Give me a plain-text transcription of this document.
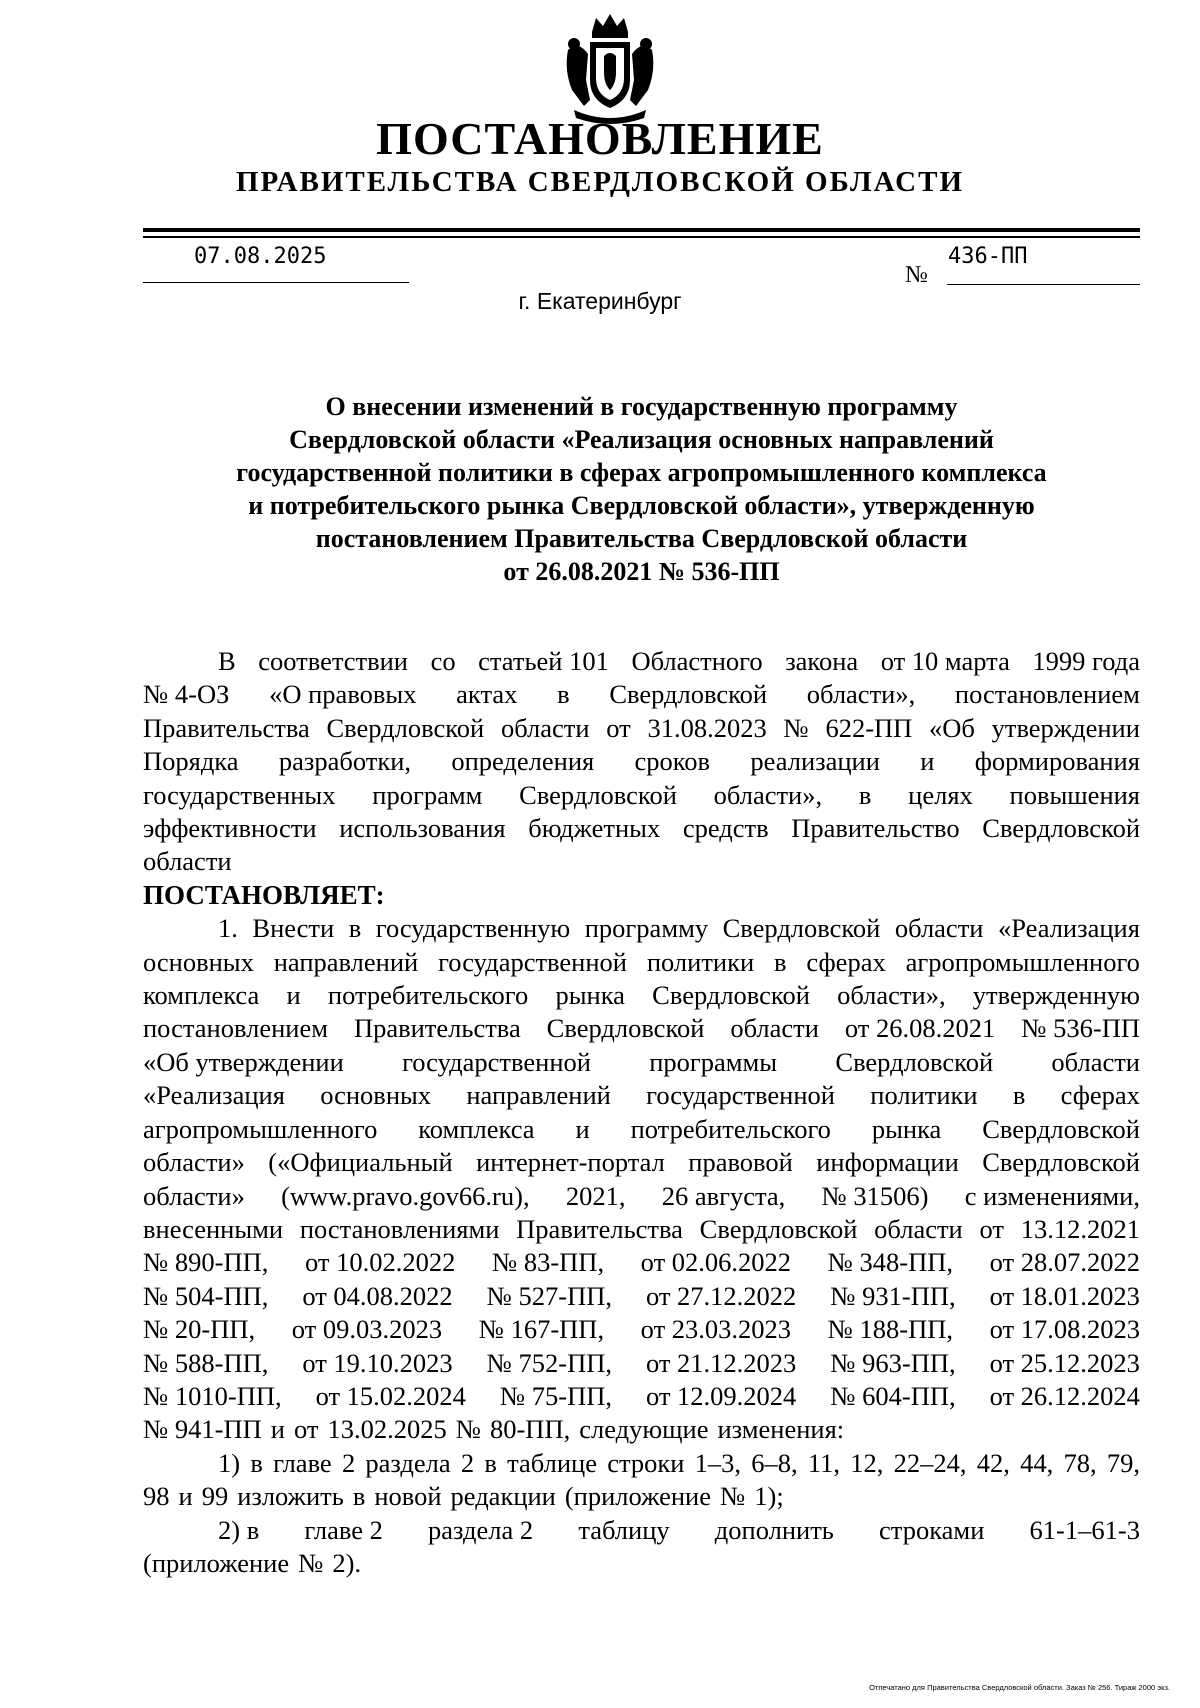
ПОСТАНОВЛЕНИЕ
ПРАВИТЕЛЬСТВА СВЕРДЛОВСКОЙ ОБЛАСТИ
07.08.2025
№
436-ПП
г. Екатеринбург
О внесении изменений в государственную программу
Свердловской области «Реализация основных направлений
государственной политики в сферах агропромышленного комплекса
и потребительского рынка Свердловской области», утвержденную
постановлением Правительства Свердловской области
от 26.08.2021 № 536-ПП
В соответствии со статьей 101 Областного закона от 10 марта 1999 года
№ 4-ОЗ «О правовых актах в Свердловской области», постановлением
Правительства Свердловской области от 31.08.2023 № 622-ПП «Об утверждении
Порядка разработки, определения сроков реализации и формирования
государственных программ Свердловской области», в целях повышения
эффективности использования бюджетных средств Правительство Свердловской
области
ПОСТАНОВЛЯЕТ:
1. Внести в государственную программу Свердловской области «Реализация
основных направлений государственной политики в сферах агропромышленного
комплекса и потребительского рынка Свердловской области», утвержденную
постановлением Правительства Свердловской области от 26.08.2021 № 536-ПП
«Об утверждении государственной программы Свердловской области
«Реализация основных направлений государственной политики в сферах
агропромышленного комплекса и потребительского рынка Свердловской
области» («Официальный интернет-портал правовой информации Свердловской
области» (www.pravo.gov66.ru), 2021, 26 августа, № 31506) с изменениями,
внесенными постановлениями Правительства Свердловской области от 13.12.2021
№ 890-ПП, от 10.02.2022 № 83-ПП, от 02.06.2022 № 348-ПП, от 28.07.2022
№ 504-ПП, от 04.08.2022 № 527-ПП, от 27.12.2022 № 931-ПП, от 18.01.2023
№ 20-ПП, от 09.03.2023 № 167-ПП, от 23.03.2023 № 188-ПП, от 17.08.2023
№ 588-ПП, от 19.10.2023 № 752-ПП, от 21.12.2023 № 963-ПП, от 25.12.2023
№ 1010-ПП, от 15.02.2024 № 75-ПП, от 12.09.2024 № 604-ПП, от 26.12.2024
№ 941-ПП и от 13.02.2025 № 80-ПП, следующие изменения:
1) в главе 2 раздела 2 в таблице строки 1–3, 6–8, 11, 12, 22–24, 42, 44, 78, 79,
98 и 99 изложить в новой редакции (приложение № 1);
2) в главе 2 раздела 2 таблицу дополнить строками 61-1–61-3
(приложение № 2).
Отпечатано для Правительства Свердловской области. Заказ № 256. Тираж 2000 экз.
